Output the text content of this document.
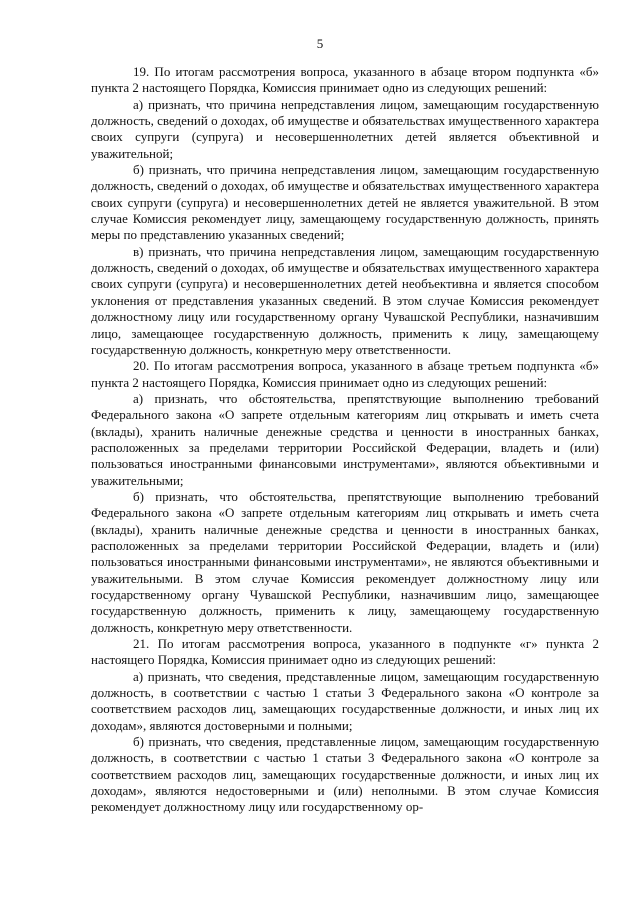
5

19. По итогам рассмотрения вопроса, указанного в абзаце втором подпункта «б» пункта 2 настоящего Порядка, Комиссия принимает одно из следующих решений:

а) признать, что причина непредставления лицом, замещающим государственную должность, сведений о доходах, об имуществе и обязательствах имущественного характера своих супруги (супруга) и несовершеннолетних детей является объективной и уважительной;

б) признать, что причина непредставления лицом, замещающим государственную должность, сведений о доходах, об имуществе и обязательствах имущественного характера своих супруги (супруга) и несовершеннолетних детей не является уважительной. В этом случае Комиссия рекомендует лицу, замещающему государственную должность, принять меры по представлению указанных сведений;

в) признать, что причина непредставления лицом, замещающим государственную должность, сведений о доходах, об имуществе и обязательствах имущественного характера своих супруги (супруга) и несовершеннолетних детей необъективна и является способом уклонения от представления указанных сведений. В этом случае Комиссия рекомендует должностному лицу или государственному органу Чувашской Республики, назначившим лицо, замещающее государственную должность, применить к лицу, замещающему государственную должность, конкретную меру ответственности.

20. По итогам рассмотрения вопроса, указанного в абзаце третьем подпункта «б» пункта 2 настоящего Порядка, Комиссия принимает одно из следующих решений:

а) признать, что обстоятельства, препятствующие выполнению требований Федерального закона «О запрете отдельным категориям лиц открывать и иметь счета (вклады), хранить наличные денежные средства и ценности в иностранных банках, расположенных за пределами территории Российской Федерации, владеть и (или) пользоваться иностранными финансовыми инструментами», являются объективными и уважительными;

б) признать, что обстоятельства, препятствующие выполнению требований Федерального закона «О запрете отдельным категориям лиц открывать и иметь счета (вклады), хранить наличные денежные средства и ценности в иностранных банках, расположенных за пределами территории Российской Федерации, владеть и (или) пользоваться иностранными финансовыми инструментами», не являются объективными и уважительными. В этом случае Комиссия рекомендует должностному лицу или государственному органу Чувашской Республики, назначившим лицо, замещающее государственную должность, применить к лицу, замещающему государственную должность, конкретную меру ответственности.

21. По итогам рассмотрения вопроса, указанного в подпункте «г» пункта 2 настоящего Порядка, Комиссия принимает одно из следующих решений:

а) признать, что сведения, представленные лицом, замещающим государственную должность, в соответствии с частью 1 статьи 3 Федерального закона «О контроле за соответствием расходов лиц, замещающих государственные должности, и иных лиц их доходам», являются достоверными и полными;

б) признать, что сведения, представленные лицом, замещающим государственную должность, в соответствии с частью 1 статьи 3 Федерального закона «О контроле за соответствием расходов лиц, замещающих государственные должности, и иных лиц их доходам», являются недостоверными и (или) неполными. В этом случае Комиссия рекомендует должностному лицу или государственному ор-
